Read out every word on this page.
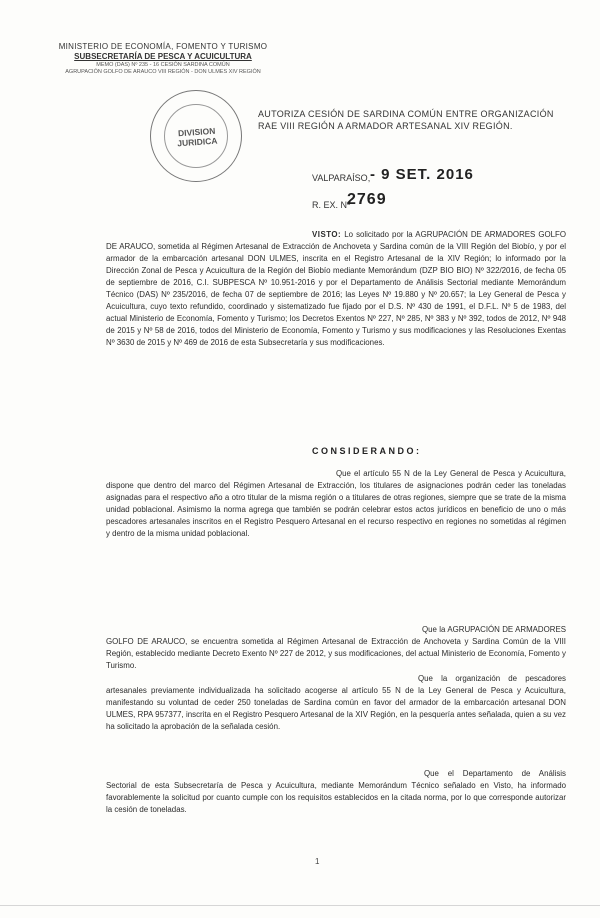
MINISTERIO DE ECONOMÍA, FOMENTO Y TURISMO
SUBSECRETARÍA DE PESCA Y ACUICULTURA
MEMO (DAS) Nº 235 - 16 CESIÓN SARDINA COMÚN
AGRUPACIÓN GOLFO DE ARAUCO VIII REGIÓN - DON ULMES XIV REGIÓN
DIVISION
JURIDICA
AUTORIZA CESIÓN DE SARDINA COMÚN ENTRE ORGANIZACIÓN RAE VIII REGIÓN A ARMADOR ARTESANAL XIV REGIÓN.
VALPARAÍSO, - 9 SET. 2016
R. EX. Nº
2769
VISTO: Lo solicitado por la AGRUPACIÓN DE ARMADORES GOLFO DE ARAUCO, sometida al Régimen Artesanal de Extracción de Anchoveta y Sardina común de la VIII Región del Biobío, y por el armador de la embarcación artesanal DON ULMES, inscrita en el Registro Artesanal de la XIV Región; lo informado por la Dirección Zonal de Pesca y Acuicultura de la Región del Biobío mediante Memorándum (DZP BIO BIO) Nº 322/2016, de fecha 05 de septiembre de 2016, C.I. SUBPESCA Nº 10.951-2016 y por el Departamento de Análisis Sectorial mediante Memorándum Técnico (DAS) Nº 235/2016, de fecha 07 de septiembre de 2016; las Leyes Nº 19.880 y Nº 20.657; la Ley General de Pesca y Acuicultura, cuyo texto refundido, coordinado y sistematizado fue fijado por el D.S. Nº 430 de 1991, el D.F.L. Nº 5 de 1983, del actual Ministerio de Economía, Fomento y Turismo; los Decretos Exentos Nº 227, Nº 285, Nº 383 y Nº 392, todos de 2012, Nº 948 de 2015 y Nº 58 de 2016, todos del Ministerio de Economía, Fomento y Turismo y sus modificaciones y las Resoluciones Exentas Nº 3630 de 2015 y Nº 469 de 2016 de esta Subsecretaría y sus modificaciones.
CONSIDERANDO:
Que el artículo 55 N de la Ley General de Pesca y Acuicultura, dispone que dentro del marco del Régimen Artesanal de Extracción, los titulares de asignaciones podrán ceder las toneladas asignadas para el respectivo año a otro titular de la misma región o a titulares de otras regiones, siempre que se trate de la misma unidad poblacional. Asimismo la norma agrega que también se podrán celebrar estos actos jurídicos en beneficio de uno o más pescadores artesanales inscritos en el Registro Pesquero Artesanal en el recurso respectivo en regiones no sometidas al régimen y dentro de la misma unidad poblacional.
Que la AGRUPACIÓN DE ARMADORES GOLFO DE ARAUCO, se encuentra sometida al Régimen Artesanal de Extracción de Anchoveta y Sardina Común de la VIII Región, establecido mediante Decreto Exento Nº 227 de 2012, y sus modificaciones, del actual Ministerio de Economía, Fomento y Turismo.
Que la organización de pescadores artesanales previamente individualizada ha solicitado acogerse al artículo 55 N de la Ley General de Pesca y Acuicultura, manifestando su voluntad de ceder 250 toneladas de Sardina común en favor del armador de la embarcación artesanal DON ULMES, RPA 957377, inscrita en el Registro Pesquero Artesanal de la XIV Región, en la pesquería antes señalada, quien a su vez ha solicitado la aprobación de la señalada cesión.
Que el Departamento de Análisis Sectorial de esta Subsecretaría de Pesca y Acuicultura, mediante Memorándum Técnico señalado en Visto, ha informado favorablemente la solicitud por cuanto cumple con los requisitos establecidos en la citada norma, por lo que corresponde autorizar la cesión de toneladas.
1
